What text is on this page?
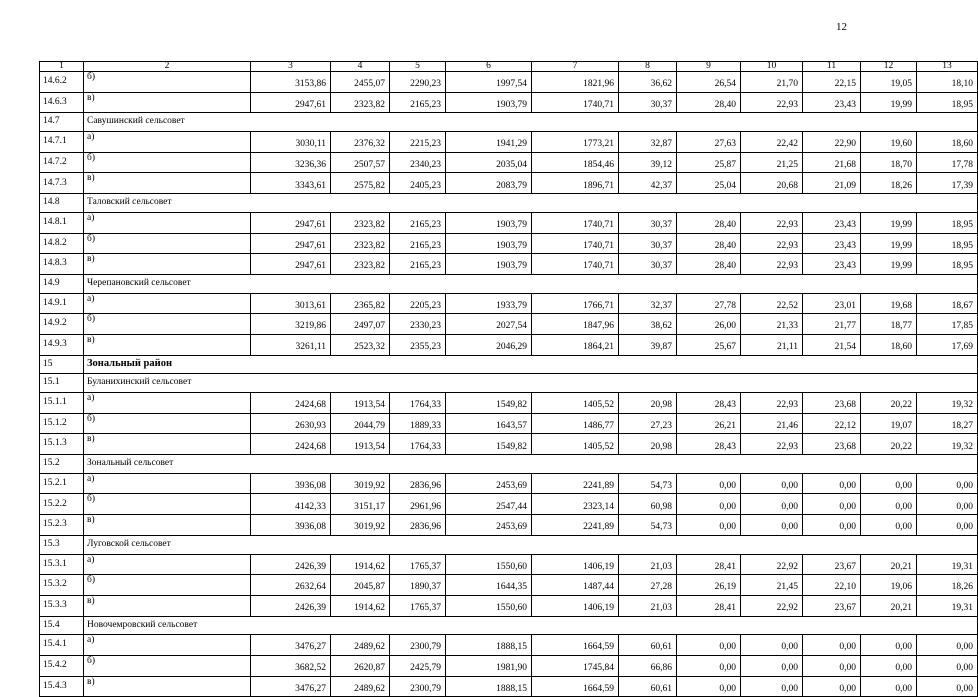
12
1	2	3	4	5	6	7	8	9	10	11	12	13
14.6.2	б)	3153,86	2455,07	2290,23	1997,54	1821,96	36,62	26,54	21,70	22,15	19,05	18,10
14.6.3	в)	2947,61	2323,82	2165,23	1903,79	1740,71	30,37	28,40	22,93	23,43	19,99	18,95
14.7	Савушинский сельсовет											
14.7.1	а)	3030,11	2376,32	2215,23	1941,29	1773,21	32,87	27,63	22,42	22,90	19,60	18,60
14.7.2	б)	3236,36	2507,57	2340,23	2035,04	1854,46	39,12	25,87	21,25	21,68	18,70	17,78
14.7.3	в)	3343,61	2575,82	2405,23	2083,79	1896,71	42,37	25,04	20,68	21,09	18,26	17,39
14.8	Таловский сельсовет											
14.8.1	а)	2947,61	2323,82	2165,23	1903,79	1740,71	30,37	28,40	22,93	23,43	19,99	18,95
14.8.2	б)	2947,61	2323,82	2165,23	1903,79	1740,71	30,37	28,40	22,93	23,43	19,99	18,95
14.8.3	в)	2947,61	2323,82	2165,23	1903,79	1740,71	30,37	28,40	22,93	23,43	19,99	18,95
14.9	Черепановский сельсовет											
14.9.1	а)	3013,61	2365,82	2205,23	1933,79	1766,71	32,37	27,78	22,52	23,01	19,68	18,67
14.9.2	б)	3219,86	2497,07	2330,23	2027,54	1847,96	38,62	26,00	21,33	21,77	18,77	17,85
14.9.3	в)	3261,11	2523,32	2355,23	2046,29	1864,21	39,87	25,67	21,11	21,54	18,60	17,69
15	Зональный район											
15.1	Буланихинский сельсовет											
15.1.1	а)	2424,68	1913,54	1764,33	1549,82	1405,52	20,98	28,43	22,93	23,68	20,22	19,32
15.1.2	б)	2630,93	2044,79	1889,33	1643,57	1486,77	27,23	26,21	21,46	22,12	19,07	18,27
15.1.3	в)	2424,68	1913,54	1764,33	1549,82	1405,52	20,98	28,43	22,93	23,68	20,22	19,32
15.2	Зональный сельсовет											
15.2.1	а)	3936,08	3019,92	2836,96	2453,69	2241,89	54,73	0,00	0,00	0,00	0,00	0,00
15.2.2	б)	4142,33	3151,17	2961,96	2547,44	2323,14	60,98	0,00	0,00	0,00	0,00	0,00
15.2.3	в)	3936,08	3019,92	2836,96	2453,69	2241,89	54,73	0,00	0,00	0,00	0,00	0,00
15.3	Луговской сельсовет											
15.3.1	а)	2426,39	1914,62	1765,37	1550,60	1406,19	21,03	28,41	22,92	23,67	20,21	19,31
15.3.2	б)	2632,64	2045,87	1890,37	1644,35	1487,44	27,28	26,19	21,45	22,10	19,06	18,26
15.3.3	в)	2426,39	1914,62	1765,37	1550,60	1406,19	21,03	28,41	22,92	23,67	20,21	19,31
15.4	Новочемровский сельсовет											
15.4.1	а)	3476,27	2489,62	2300,79	1888,15	1664,59	60,61	0,00	0,00	0,00	0,00	0,00
15.4.2	б)	3682,52	2620,87	2425,79	1981,90	1745,84	66,86	0,00	0,00	0,00	0,00	0,00
15.4.3	в)	3476,27	2489,62	2300,79	1888,15	1664,59	60,61	0,00	0,00	0,00	0,00	0,00
